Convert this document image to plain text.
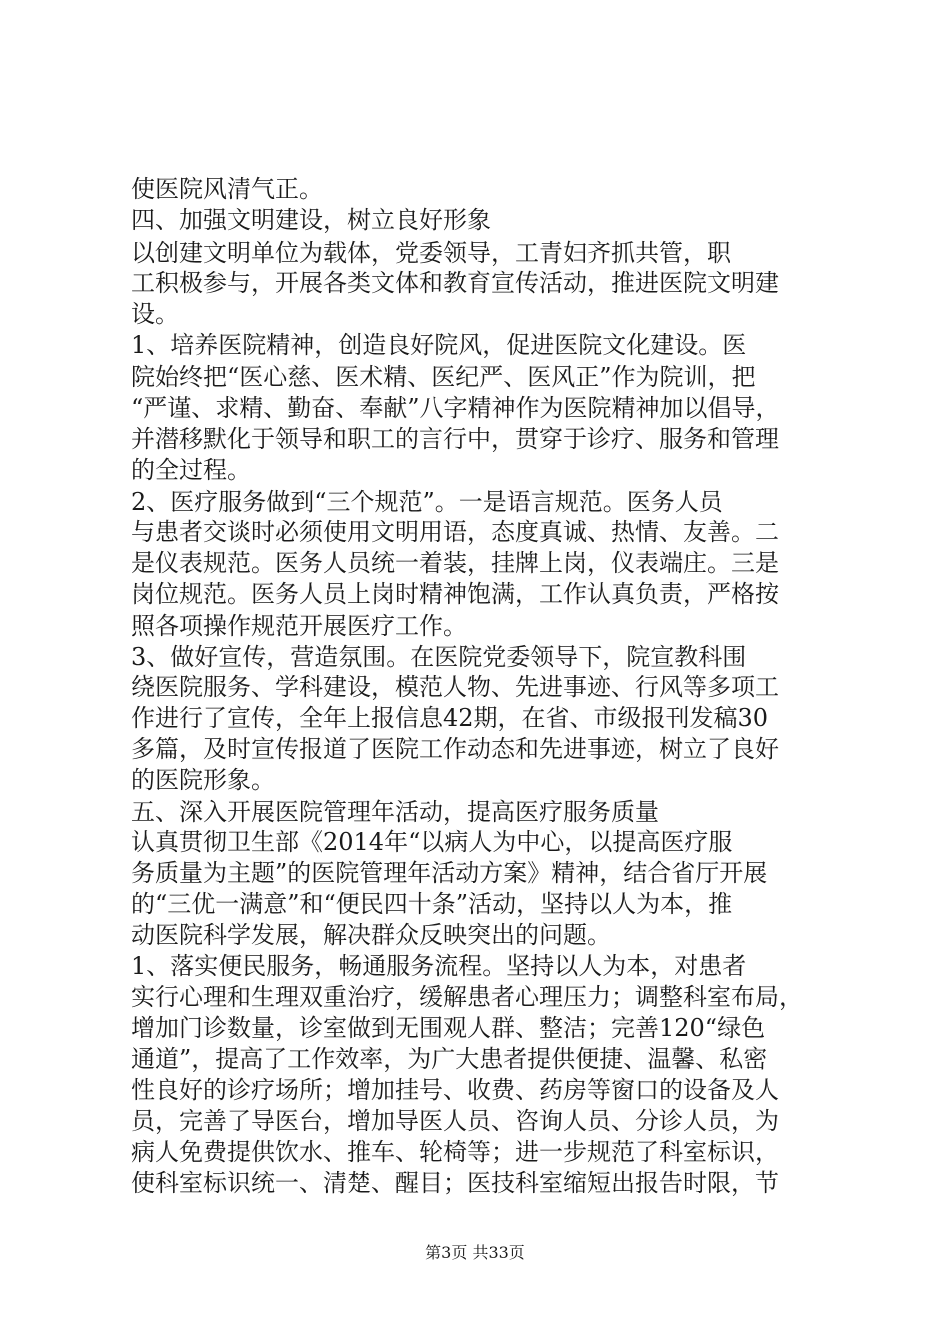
使医院风清气正。
四、加强文明建设，树立良好形象
以创建文明单位为载体，党委领导，工青妇齐抓共管，职
工积极参与，开展各类文体和教育宣传活动，推进医院文明建
设。
1、培养医院精神，创造良好院风，促进医院文化建设。医
院始终把“医心慈、医术精、医纪严、医风正”作为院训，把
“严谨、求精、勤奋、奉献”八字精神作为医院精神加以倡导，
并潜移默化于领导和职工的言行中，贯穿于诊疗、服务和管理
的全过程。
2、医疗服务做到“三个规范”。一是语言规范。医务人员
与患者交谈时必须使用文明用语，态度真诚、热情、友善。二
是仪表规范。医务人员统一着装，挂牌上岗，仪表端庄。三是
岗位规范。医务人员上岗时精神饱满，工作认真负责，严格按
照各项操作规范开展医疗工作。
3、做好宣传，营造氛围。在医院党委领导下，院宣教科围
绕医院服务、学科建设，模范人物、先进事迹、行风等多项工
作进行了宣传，全年上报信息42期，在省、市级报刊发稿30
多篇，及时宣传报道了医院工作动态和先进事迹，树立了良好
的医院形象。
五、深入开展医院管理年活动，提高医疗服务质量
认真贯彻卫生部《2014年“以病人为中心，以提高医疗服
务质量为主题”的医院管理年活动方案》精神，结合省厅开展
的“三优一满意”和“便民四十条”活动，坚持以人为本，推
动医院科学发展，解决群众反映突出的问题。
1、落实便民服务，畅通服务流程。坚持以人为本，对患者
实行心理和生理双重治疗，缓解患者心理压力；调整科室布局，
增加门诊数量，诊室做到无围观人群、整洁；完善120“绿色
通道”，提高了工作效率，为广大患者提供便捷、温馨、私密
性良好的诊疗场所；增加挂号、收费、药房等窗口的设备及人
员，完善了导医台，增加导医人员、咨询人员、分诊人员，为
病人免费提供饮水、推车、轮椅等；进一步规范了科室标识，
使科室标识统一、清楚、醒目；医技科室缩短出报告时限，节
第3页 共33页
